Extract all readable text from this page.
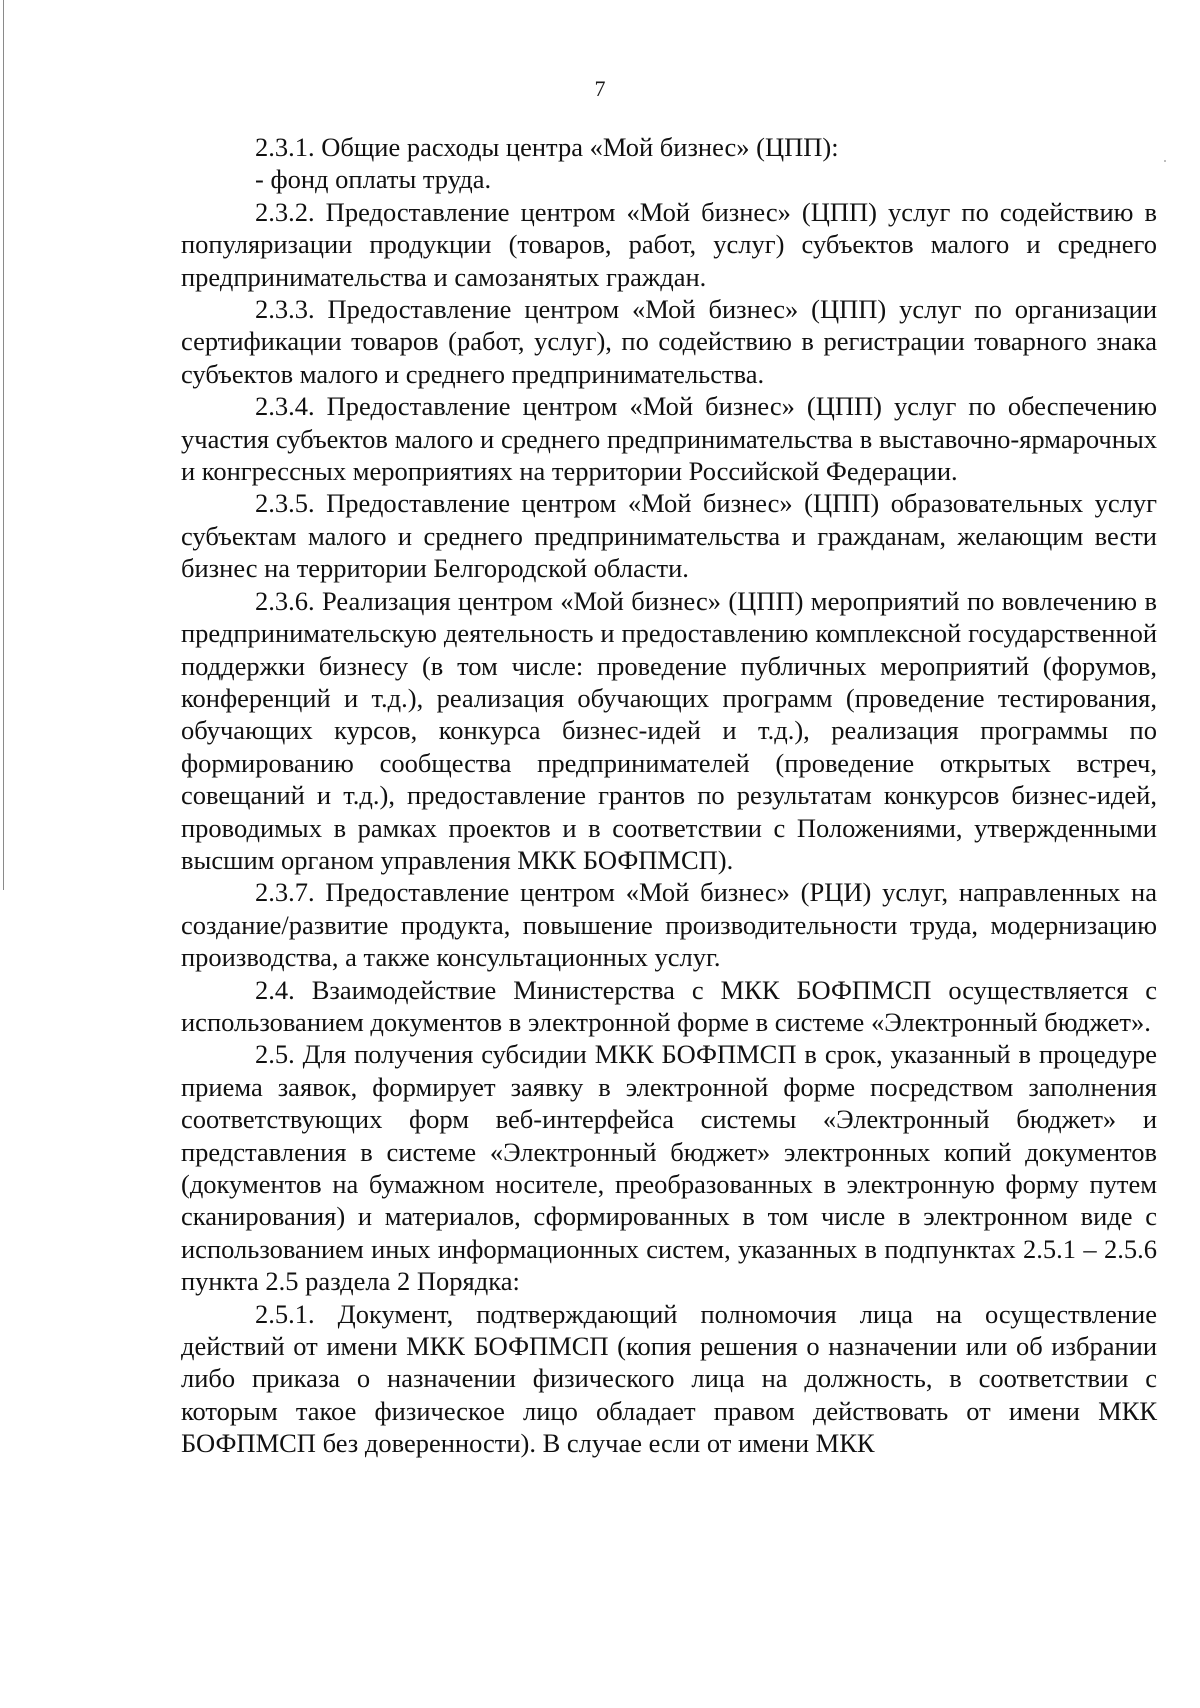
7

2.3.1. Общие расходы центра «Мой бизнес» (ЦПП):

- фонд оплаты труда.

2.3.2. Предоставление центром «Мой бизнес» (ЦПП) услуг по содействию в популяризации продукции (товаров, работ, услуг) субъектов малого и среднего предпринимательства и самозанятых граждан.

2.3.3. Предоставление центром «Мой бизнес» (ЦПП) услуг по организации сертификации товаров (работ, услуг), по содействию в регистрации товарного знака субъектов малого и среднего предпринимательства.

2.3.4. Предоставление центром «Мой бизнес» (ЦПП) услуг по обеспечению участия субъектов малого и среднего предпринимательства в выставочно-ярмарочных и конгрессных мероприятиях на территории Российской Федерации.

2.3.5. Предоставление центром «Мой бизнес» (ЦПП) образовательных услуг субъектам малого и среднего предпринимательства и гражданам, желающим вести бизнес на территории Белгородской области.

2.3.6. Реализация центром «Мой бизнес» (ЦПП) мероприятий по вовлечению в предпринимательскую деятельность и предоставлению комплексной государственной поддержки бизнесу (в том числе: проведение публичных мероприятий (форумов, конференций и т.д.), реализация обучающих программ (проведение тестирования, обучающих курсов, конкурса бизнес-идей и т.д.), реализация программы по формированию сообщества предпринимателей (проведение открытых встреч, совещаний и т.д.), предоставление грантов по результатам конкурсов бизнес-идей, проводимых в рамках проектов и в соответствии с Положениями, утвержденными высшим органом управления МКК БОФПМСП).

2.3.7. Предоставление центром «Мой бизнес» (РЦИ) услуг, направленных на создание/развитие продукта, повышение производительности труда, модернизацию производства, а также консультационных услуг.

2.4. Взаимодействие Министерства с МКК БОФПМСП осуществляется с использованием документов в электронной форме в системе «Электронный бюджет».

2.5. Для получения субсидии МКК БОФПМСП в срок, указанный в процедуре приема заявок, формирует заявку в электронной форме посредством заполнения соответствующих форм веб-интерфейса системы «Электронный бюджет» и представления в системе «Электронный бюджет» электронных копий документов (документов на бумажном носителе, преобразованных в электронную форму путем сканирования) и материалов, сформированных в том числе в электронном виде с использованием иных информационных систем, указанных в подпунктах 2.5.1 – 2.5.6 пункта 2.5 раздела 2 Порядка:

2.5.1. Документ, подтверждающий полномочия лица на осуществление действий от имени МКК БОФПМСП (копия решения о назначении или об избрании либо приказа о назначении физического лица на должность, в соответствии с которым такое физическое лицо обладает правом действовать от имени МКК БОФПМСП без доверенности). В случае если от имени МКК
